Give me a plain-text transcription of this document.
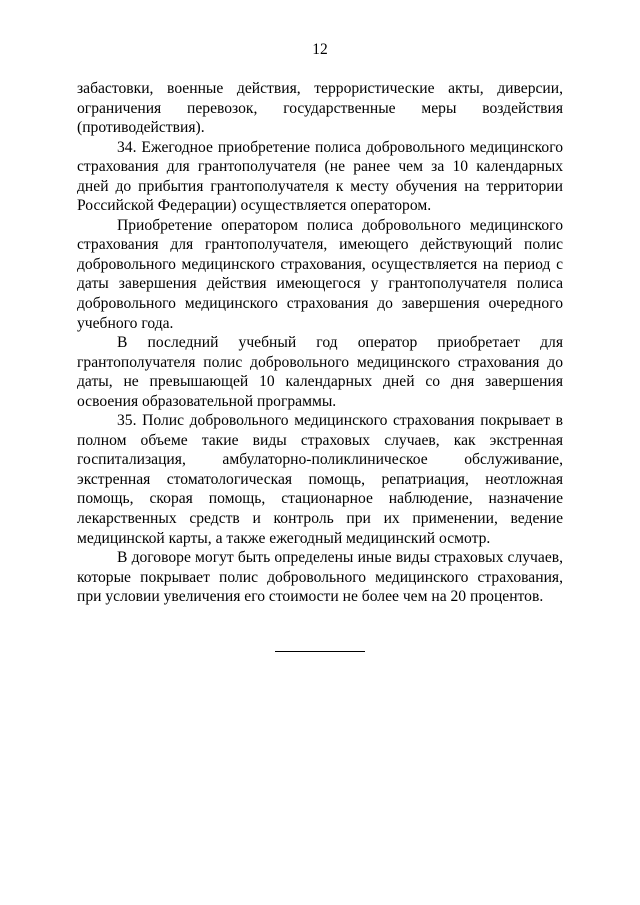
12

забастовки, военные действия, террористические акты, диверсии, ограничения перевозок, государственные меры воздействия (противодействия).

34. Ежегодное приобретение полиса добровольного медицинского страхования для грантополучателя (не ранее чем за 10 календарных дней до прибытия грантополучателя к месту обучения на территории Российской Федерации) осуществляется оператором.

Приобретение оператором полиса добровольного медицинского страхования для грантополучателя, имеющего действующий полис добровольного медицинского страхования, осуществляется на период с даты завершения действия имеющегося у грантополучателя полиса добровольного медицинского страхования до завершения очередного учебного года.

В последний учебный год оператор приобретает для грантополучателя полис добровольного медицинского страхования до даты, не превышающей 10 календарных дней со дня завершения освоения образовательной программы.

35. Полис добровольного медицинского страхования покрывает в полном объеме такие виды страховых случаев, как экстренная госпитализация, амбулаторно-поликлиническое обслуживание, экстренная стоматологическая помощь, репатриация, неотложная помощь, скорая помощь, стационарное наблюдение, назначение лекарственных средств и контроль при их применении, ведение медицинской карты, а также ежегодный медицинский осмотр.

В договоре могут быть определены иные виды страховых случаев, которые покрывает полис добровольного медицинского страхования, при условии увеличения его стоимости не более чем на 20 процентов.
